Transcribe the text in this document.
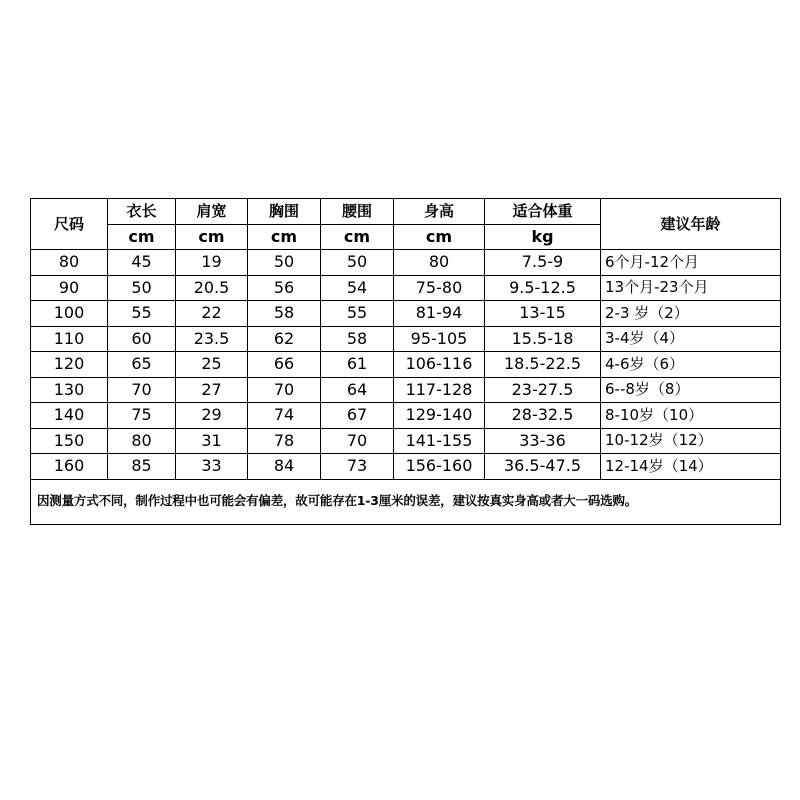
尺码	衣长	肩宽	胸围	腰围	身高	适合体重	建议年龄
	cm	cm	cm	cm	cm	kg	
80	45	19	50	50	80	7.5-9	6个月-12个月
90	50	20.5	56	54	75-80	9.5-12.5	13个月-23个月
100	55	22	58	55	81-94	13-15	2-3 岁（2）
110	60	23.5	62	58	95-105	15.5-18	3-4岁（4）
120	65	25	66	61	106-116	18.5-22.5	4-6岁（6）
130	70	27	70	64	117-128	23-27.5	6--8岁（8）
140	75	29	74	67	129-140	28-32.5	8-10岁（10）
150	80	31	78	70	141-155	33-36	10-12岁（12）
160	85	33	84	73	156-160	36.5-47.5	12-14岁（14）
因测量方式不同，制作过程中也可能会有偏差，故可能存在1-3厘米的误差，建议按真实身高或者大一码选购。							
